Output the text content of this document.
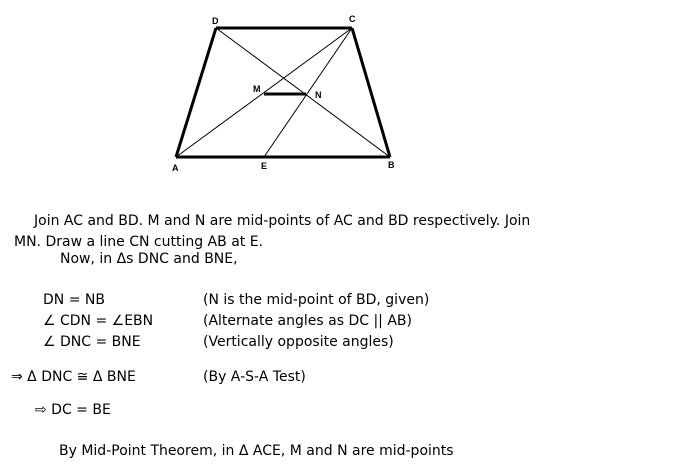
D	C
A	E	B
M
N
Join AC and BD. M and N are mid-points of AC and BD respectively. Join
MN. Draw a line CN cutting AB at E.
Now, in Δs DNC and BNE,
DN = NB	(N is the mid-point of BD, given)
∠ CDN = ∠EBN	(Alternate angles as DC || AB)
∠ DNC = BNE	(Vertically opposite angles)
⇒ Δ DNC ≅ Δ BNE	(By A-S-A Test)
⇨ DC = BE
By Mid-Point Theorem, in Δ ACE, M and N are mid-points
